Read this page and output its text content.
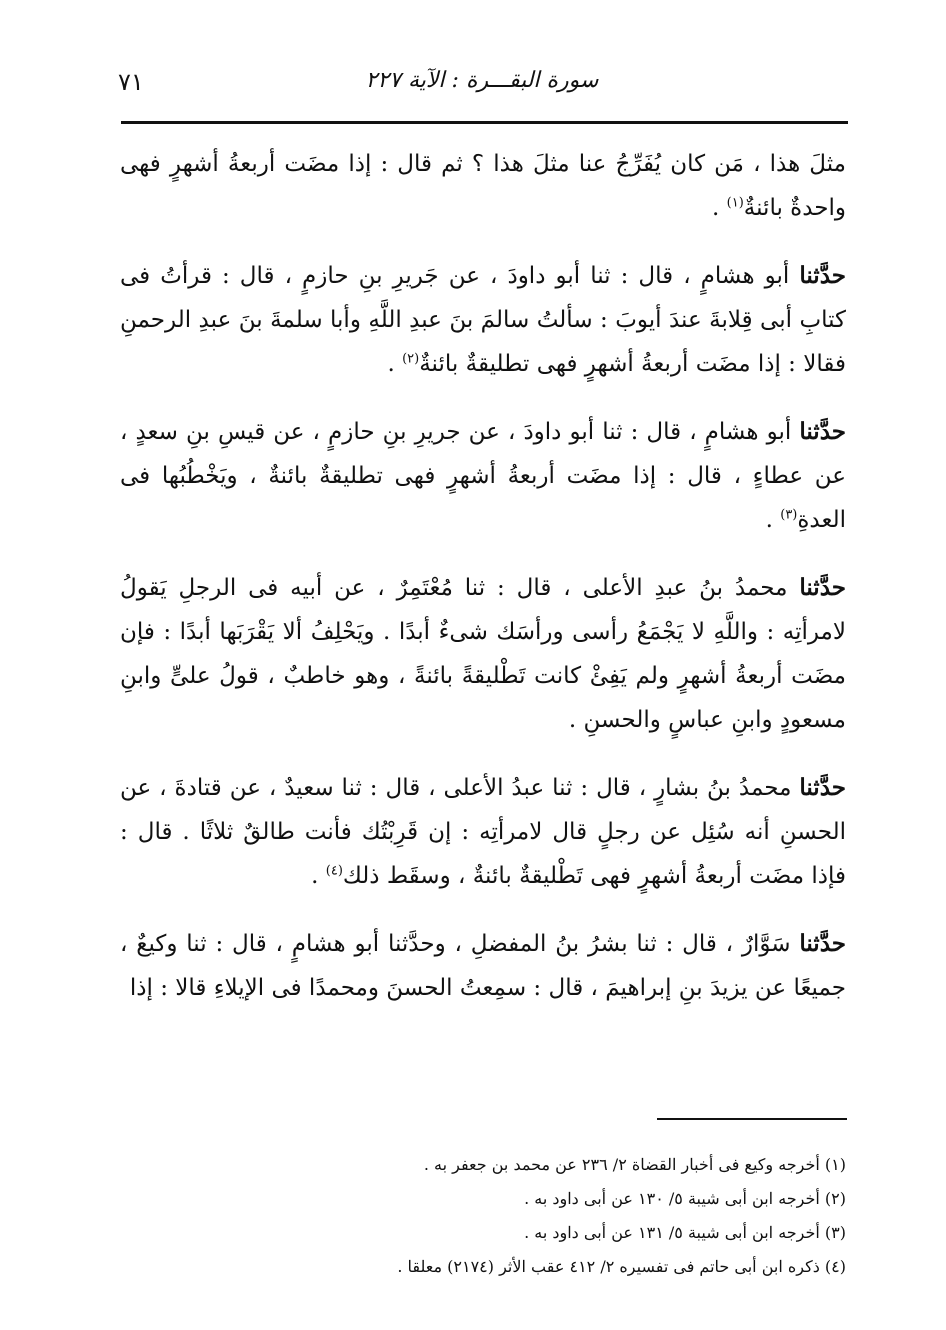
٧١	سورة البقـــرة : الآية ٢٢٧

مثلَ هذا ، مَن كان يُفَرِّجُ عنا مثلَ هذا ؟ ثم قال : إذا مضَت أربعةُ أشهرٍ فهى واحدةٌ بائنةٌ$^{(١)}$ .

حدَّثنا أبو هشامٍ ، قال : ثنا أبو داودَ ، عن جَريرِ بنِ حازمٍ ، قال : قرأتُ فى كتابِ أبى قِلابةَ عندَ أيوبَ : سألتُ سالمَ بنَ عبدِ اللَّهِ وأبا سلمةَ بنَ عبدِ الرحمنِ فقالا : إذا مضَت أربعةُ أشهرٍ فهى تطليقةٌ بائنةٌ$^{(٢)}$ .

حدَّثنا أبو هشامٍ ، قال : ثنا أبو داودَ ، عن جريرِ بنِ حازمٍ ، عن قيسِ بنِ سعدٍ ، عن عطاءٍ ، قال : إذا مضَت أربعةُ أشهرٍ فهى تطليقةٌ بائنةٌ ، ويَخْطُبُها فى العدةِ$^{(٣)}$ .

حدَّثنا محمدُ بنُ عبدِ الأعلى ، قال : ثنا مُعْتَمِرٌ ، عن أبيه فى الرجلِ يَقولُ لامرأتِه : واللَّهِ لا يَجْمَعُ رأسى ورأسَك شىءٌ أبدًا . ويَحْلِفُ ألا يَقْرَبَها أبدًا : فإن مضَت أربعةُ أشهرٍ ولم يَفِئْ كانت تَطْليقةً بائنةً ، وهو خاطبٌ ، قولُ علىٍّ وابنِ مسعودٍ وابنِ عباسٍ والحسنِ .

حدَّثنا محمدُ بنُ بشارٍ ، قال : ثنا عبدُ الأعلى ، قال : ثنا سعيدٌ ، عن قتادةَ ، عن الحسنِ أنه سُئِل عن رجلٍ قال لامرأتِه : إن قَرِبْتُك فأنت طالقٌ ثلاثًا . قال : فإذا مضَت أربعةُ أشهرٍ فهى تَطْليقةٌ بائنةٌ ، وسقَط ذلك$^{(٤)}$ .

حدَّثنا سَوَّارٌ ، قال : ثنا بشرُ بنُ المفضلِ ، وحدَّثنا أبو هشامٍ ، قال : ثنا وكيعٌ ، جميعًا عن يزيدَ بنِ إبراهيمَ ، قال : سمِعتُ الحسنَ ومحمدًا فى الإيلاءِ قالا : إذا

(١) أخرجه وكيع فى أخبار القضاة ٢/ ٢٣٦ عن محمد بن جعفر به .

(٢) أخرجه ابن أبى شيبة ٥/ ١٣٠ عن أبى داود به .

(٣) أخرجه ابن أبى شيبة ٥/ ١٣١ عن أبى داود به .

(٤) ذكره ابن أبى حاتم فى تفسيره ٢/ ٤١٢ عقب الأثر (٢١٧٤) معلقا .
